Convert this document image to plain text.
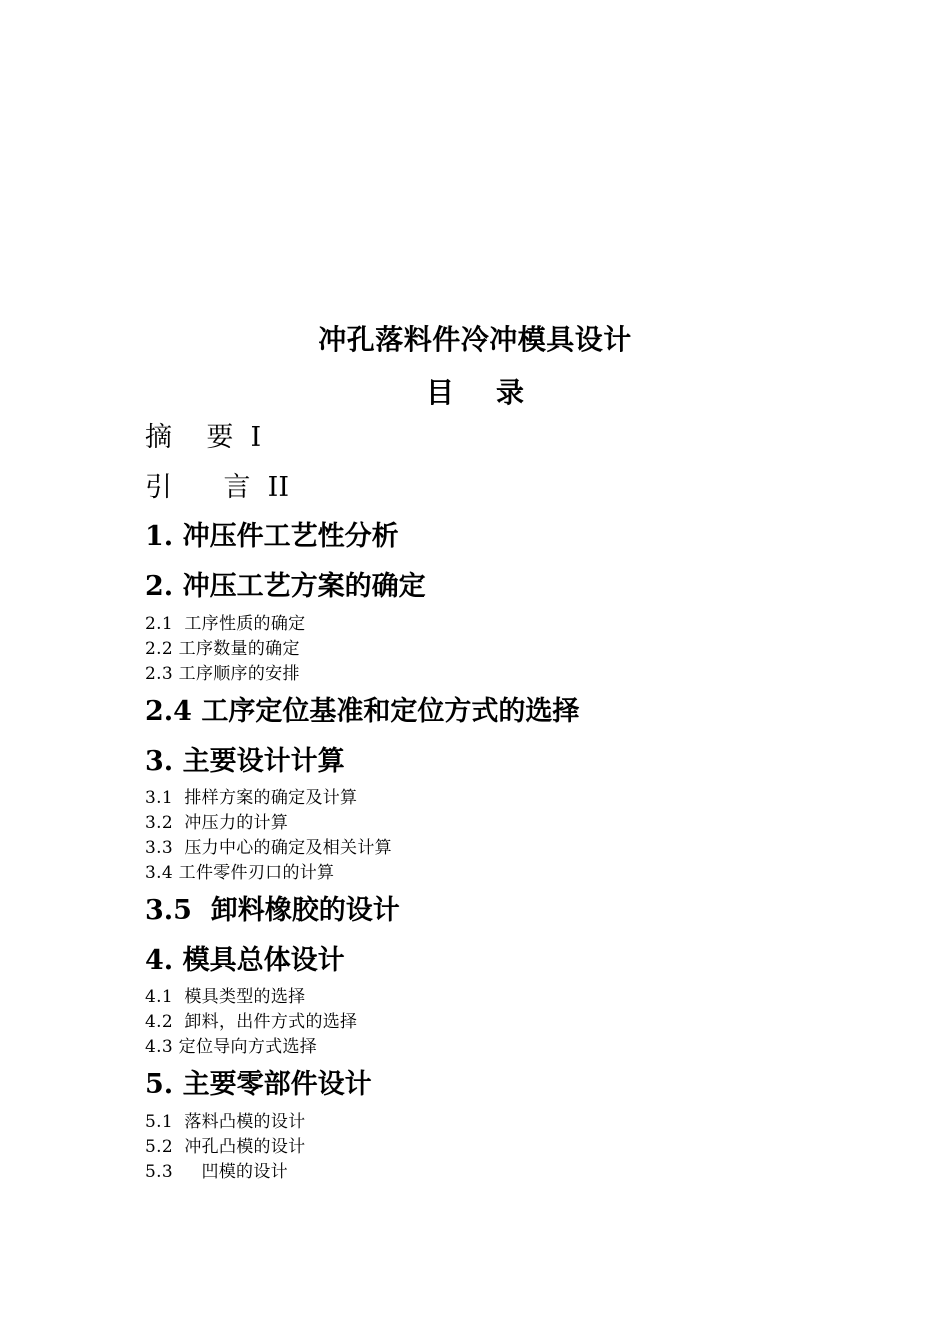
冲孔落料件冷冲模具设计
目 录
摘    要  I
引      言  II
1. 冲压件工艺性分析
2. 冲压工艺方案的确定
2.1  工序性质的确定
2.2 工序数量的确定
2.3 工序顺序的安排
2.4 工序定位基准和定位方式的选择
3. 主要设计计算
3.1  排样方案的确定及计算
3.2  冲压力的计算
3.3  压力中心的确定及相关计算
3.4 工件零件刃口的计算
3.5  卸料橡胶的设计
4. 模具总体设计
4.1  模具类型的选择
4.2  卸料，出件方式的选择
4.3 定位导向方式选择
5. 主要零部件设计
5.1  落料凸模的设计
5.2  冲孔凸模的设计
5.3     凹模的设计
